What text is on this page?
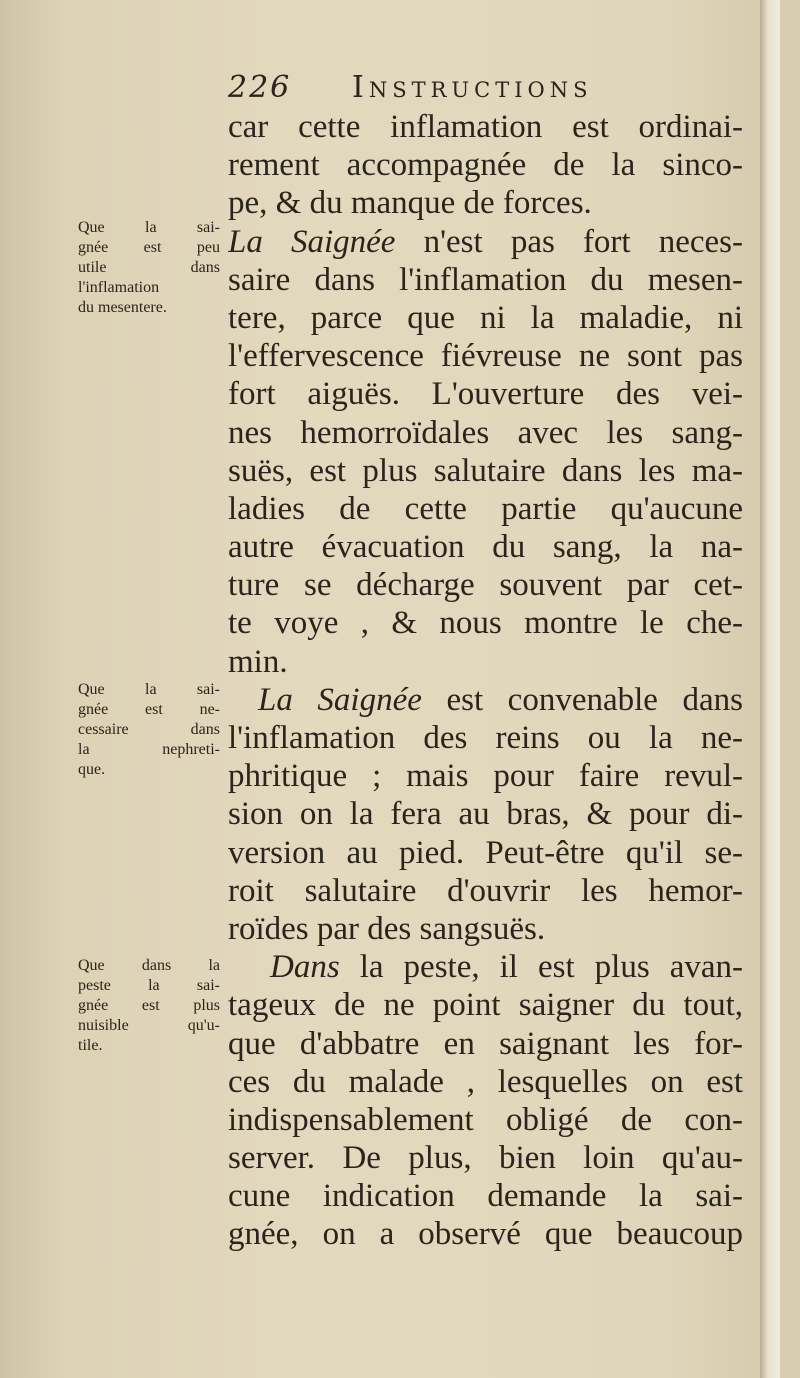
226 Instructions
Que la sai-
gnée est peu
utile dans
l'inflamation
du mesentere.
Que la sai-
gnée est ne-
cessaire dans
la nephreti-
que.
Que dans la
peste la sai-
gnée est plus
nuisible qu'u-
tile.
car cette inflamation est ordinai-
rement accompagnée de la sinco-
pe, & du manque de forces.
La Saignée n'est pas fort neces-
saire dans l'inflamation du mesen-
tere, parce que ni la maladie, ni
l'effervescence fiévreuse ne sont pas
fort aiguës. L'ouverture des vei-
nes hemorroïdales avec les sang-
suës, est plus salutaire dans les ma-
ladies de cette partie qu'aucune
autre évacuation du sang, la na-
ture se décharge souvent par cet-
te voye , & nous montre le che-
min.
La Saignée est convenable dans
l'inflamation des reins ou la ne-
phritique ; mais pour faire revul-
sion on la fera au bras, & pour di-
version au pied. Peut-être qu'il se-
roit salutaire d'ouvrir les hemor-
roïdes par des sangsuës.
Dans la peste, il est plus avan-
tageux de ne point saigner du tout,
que d'abbatre en saignant les for-
ces du malade , lesquelles on est
indispensablement obligé de con-
server. De plus, bien loin qu'au-
cune indication demande la sai-
gnée, on a observé que beaucoup
